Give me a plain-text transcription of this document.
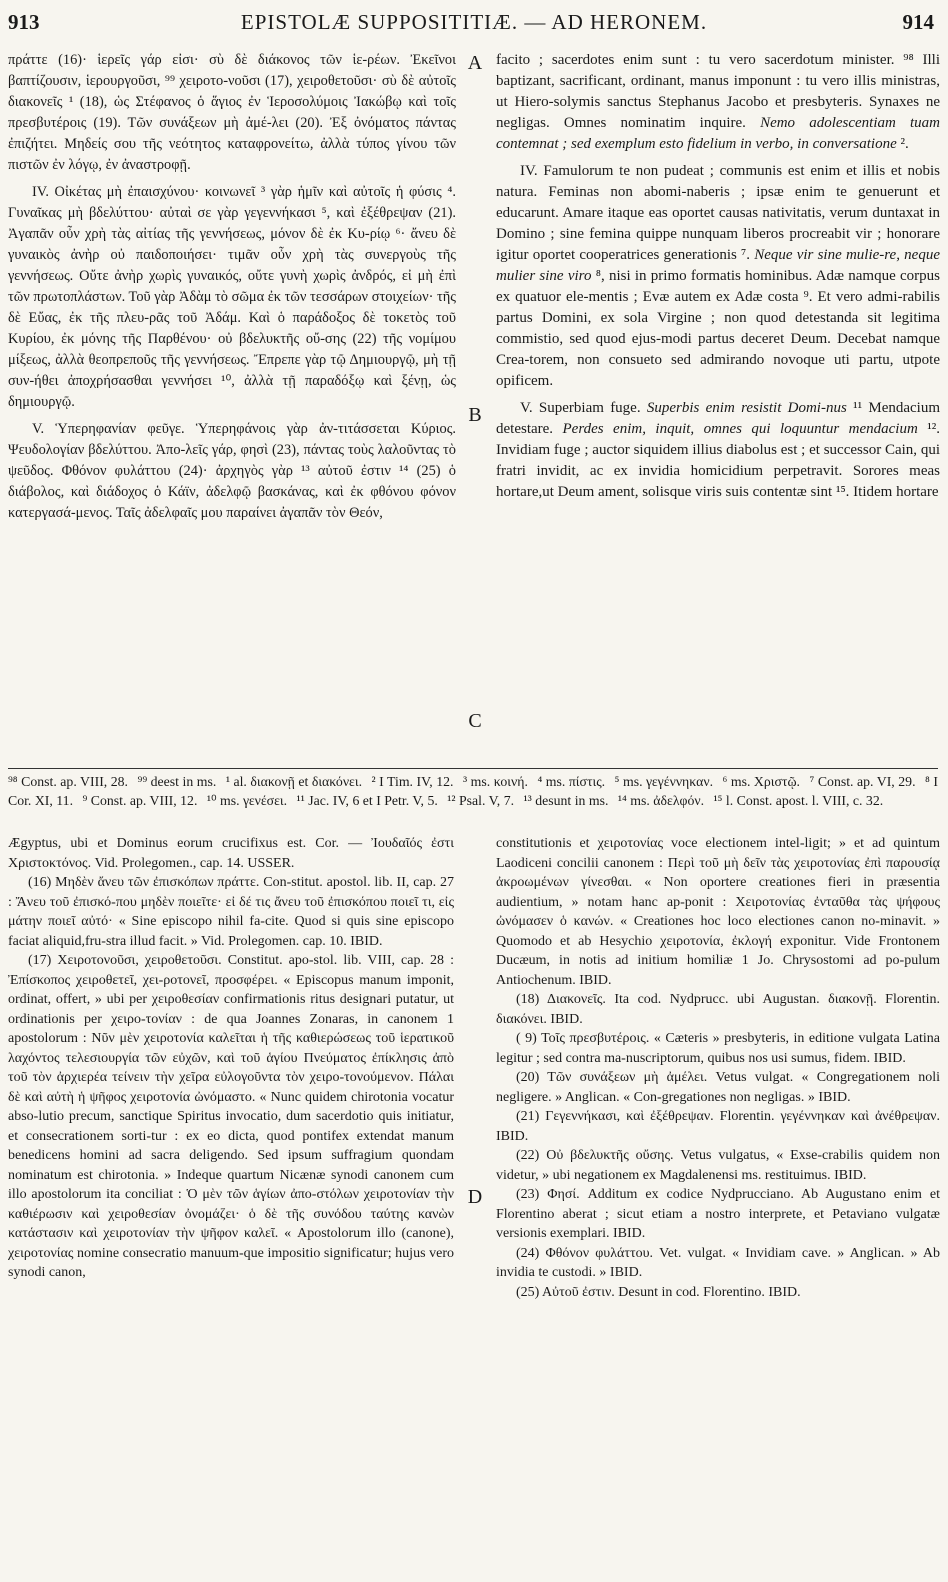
913	EPISTOLÆ SUPPOSITITIÆ. — AD HERONEM.	914

πράττε (16)· ἱερεῖς γάρ εἰσι· σὺ δὲ διάκονος τῶν ἱε-ρέων. Ἐκεῖνοι βαπτίζουσιν, ἱερουργοῦσι, ⁹⁹ χειροτο-νοῦσι (17), χειροθετοῦσι· σὺ δὲ αὐτοῖς διακονεῖς ¹ (18), ὡς Στέφανος ὁ ἅγιος ἐν Ἱεροσολύμοις Ἰακώβῳ καὶ τοῖς πρεσβυτέροις (19). Τῶν συνάξεων μὴ ἀμέ-λει (20). Ἐξ ὀνόματος πάντας ἐπιζήτει. Μηδείς σου τῆς νεότητος καταφρονείτω, ἀλλὰ τύπος γίνου τῶν πιστῶν ἐν λόγῳ, ἐν ἀναστροφῇ.

IV. Οἰκέτας μὴ ἐπαισχύνου· κοινωνεῖ ³ γὰρ ἡμῖν καὶ αὐτοῖς ἡ φύσις ⁴. Γυναῖκας μὴ βδελύττου· αὐταὶ σε γὰρ γεγεννήκασι ⁵, καὶ ἐξέθρεψαν (21). Ἀγαπᾶν οὖν χρὴ τὰς αἰτίας τῆς γεννήσεως, μόνον δὲ ἐκ Κυ-ρίῳ ⁶· ἄνευ δὲ γυναικὸς ἀνὴρ οὐ παιδοποιήσει· τιμᾶν οὖν χρὴ τὰς συνεργοὺς τῆς γεννήσεως. Οὔτε ἀνὴρ χωρὶς γυναικός, οὔτε γυνὴ χωρὶς ἀνδρός, εἰ μὴ ἐπὶ τῶν πρωτοπλάστων. Τοῦ γὰρ Ἀδὰμ τὸ σῶμα ἐκ τῶν τεσσάρων στοιχείων· τῆς δὲ Εὔας, ἐκ τῆς πλευ-ρᾶς τοῦ Ἀδάμ. Καὶ ὁ παράδοξος δὲ τοκετὸς τοῦ Κυρίου, ἐκ μόνης τῆς Παρθένου· οὐ βδελυκτῆς οὔ-σης (22) τῆς νομίμου μίξεως, ἀλλὰ θεοπρεποῦς τῆς γεννήσεως. Ἔπρεπε γὰρ τῷ Δημιουργῷ, μὴ τῇ συν-ήθει ἀποχρήσασθαι γεννήσει ¹⁰, ἀλλὰ τῇ παραδόξῳ καὶ ξένῃ, ὡς δημιουργῷ.

V. Ὑπερηφανίαν φεῦγε. Ὑπερηφάνοις γὰρ ἀν-τιτάσσεται Κύριος. Ψευδολογίαν βδελύττου. Ἀπο-λεῖς γάρ, φησὶ (23), πάντας τοὺς λαλοῦντας τὸ ψεῦδος. Φθόνον φυλάττου (24)· ἀρχηγὸς γὰρ ¹³ αὐτοῦ ἐστιν ¹⁴ (25) ὁ διάβολος, καὶ διάδοχος ὁ Κάϊν, ἀδελφῷ βασκάνας, καὶ ἐκ φθόνου φόνον κατεργασά-μενος. Ταῖς ἀδελφαῖς μου παραίνει ἀγαπᾶν τὸν Θεόν,

A
B
C
D

facito ; sacerdotes enim sunt : tu vero sacerdotum minister. ⁹⁸ Illi baptizant, sacrificant, ordinant, manus imponunt : tu vero illis ministras, ut Hiero-solymis sanctus Stephanus Jacobo et presbyteris. Synaxes ne negligas. Omnes nominatim inquire. Nemo adolescentiam tuam contemnat ; sed exemplum esto fidelium in verbo, in conversatione ².

IV. Famulorum te non pudeat ; communis est enim et illis et nobis natura. Feminas non abomi-naberis ; ipsæ enim te genuerunt et educarunt. Amare itaque eas oportet causas nativitatis, verum duntaxat in Domino ; sine femina quippe nunquam liberos procreabit vir ; honorare igitur oportet cooperatrices generationis ⁷. Neque vir sine mulie-re, neque mulier sine viro ⁸, nisi in primo formatis hominibus. Adæ namque corpus ex quatuor ele-mentis ; Evæ autem ex Adæ costa ⁹. Et vero admi-rabilis partus Domini, ex sola Virgine ; non quod detestanda sit legitima commistio, sed quod ejus-modi partus deceret Deum. Decebat namque Crea-torem, non consueto sed admirando novoque uti partu, utpote opificem.

V. Superbiam fuge. Superbis enim resistit Domi-nus ¹¹ Mendacium detestare. Perdes enim, inquit, omnes qui loquuntur mendacium ¹². Invidiam fuge ; auctor siquidem illius diabolus est ; et successor Cain, qui fratri invidit, ac ex invidia homicidium perpetravit. Sorores meas hortare,ut Deum ament, solisque viris suis contentæ sint ¹⁵. Itidem hortare

⁹⁸ Const. ap. VIII, 28. ⁹⁹ deest in ms. ¹ al. διακονῇ et διακόνει. ² I Tim. IV, 12. ³ ms. κοινή. ⁴ ms. πίστις. ⁵ ms. γεγέννηκαν. ⁶ ms. Χριστῷ. ⁷ Const. ap. VI, 29. ⁸ I Cor. XI, 11. ⁹ Const. ap. VIII, 12. ¹⁰ ms. γενέσει. ¹¹ Jac. IV, 6 et I Petr. V, 5. ¹² Psal. V, 7. ¹³ desunt in ms. ¹⁴ ms. ἀδελφόν. ¹⁵ l. Const. apost. l. VIII, c. 32.

Ægyptus, ubi et Dominus eorum crucifixus est. Cor. — Ἰουδαῖός ἐστι Χριστοκτόνος. Vid. Prolegomen., cap. 14. USSER.

(16) Μηδὲν ἄνευ τῶν ἐπισκόπων πράττε. Con-stitut. apostol. lib. II, cap. 27 : Ἄνευ τοῦ ἐπισκό-που μηδὲν ποιεῖτε· εἰ δέ τις ἄνευ τοῦ ἐπισκόπου ποιεῖ τι, εἰς μάτην ποιεῖ αὐτό· « Sine episcopo nihil fa-cite. Quod si quis sine episcopo faciat aliquid,fru-stra illud facit. » Vid. Prolegomen. cap. 10. IBID.

(17) Χειροτονοῦσι, χειροθετοῦσι. Constitut. apo-stol. lib. VIII, cap. 28 : Ἐπίσκοπος χειροθετεῖ, χει-ροτονεῖ, προσφέρει. « Episcopus manum imponit, ordinat, offert, » ubi per χειροθεσίαν confirmationis ritus designari putatur, ut ordinationis per χειρο-τονίαν : de qua Joannes Zonaras, in canonem 1 apostolorum : Νῦν μὲν χειροτονία καλεῖται ἡ τῆς καθιερώσεως τοῦ ἱερατικοῦ λαχόντος τελεσιουργία τῶν εὐχῶν, καὶ τοῦ ἁγίου Πνεύματος ἐπίκλησις ἀπὸ τοῦ τὸν ἀρχιερέα τείνειν τὴν χεῖρα εὐλογοῦντα τὸν χειρο-τονούμενον. Πάλαι δὲ καὶ αὐτὴ ἡ ψῆφος χειροτονία ὠνόμαστο. « Nunc quidem chirotonia vocatur abso-lutio precum, sanctique Spiritus invocatio, dum sacerdotio quis initiatur, et consecrationem sorti-tur : ex eo dicta, quod pontifex extendat manum benedicens homini ad sacra deligendo. Sed ipsum suffragium quondam nominatum est chirotonia. » Indeque quartum Nicænæ synodi canonem cum illo apostolorum ita conciliat : Ὁ μὲν τῶν ἁγίων ἀπο-στόλων χειροτονίαν τὴν καθιέρωσιν καὶ χειροθεσίαν ὀνομάζει· ὁ δὲ τῆς συνόδου ταύτης κανὼν κατάστασιν καὶ χειροτονίαν τὴν ψῆφον καλεῖ. « Apostolorum illo (canone), χειροτονίας nomine consecratio manuum-que impositio significatur; hujus vero synodi canon,

constitutionis et χειροτονίας voce electionem intel-ligit; » et ad quintum Laodiceni concilii canonem : Περὶ τοῦ μὴ δεῖν τὰς χειροτονίας ἐπὶ παρουσίᾳ ἀκροωμένων γίνεσθαι. « Non oportere creationes fieri in præsentia audientium, » notam hanc ap-ponit : Χειροτονίας ἐνταῦθα τὰς ψήφους ὠνόμασεν ὁ κανών. « Creationes hoc loco electiones canon no-minavit. » Quomodo et ab Hesychio χειροτονία, ἐκλογή exponitur. Vide Frontonem Ducæum, in notis ad initium homiliæ 1 Jo. Chrysostomi ad po-pulum Antiochenum. IBID.

(18) Διακονεῖς. Ita cod. Nydprucc. ubi Augustan. διακονῇ. Florentin. διακόνει. IBID.

( 9) Τοῖς πρεσβυτέροις. « Cæteris » presbyteris, in editione vulgata Latina legitur ; sed contra ma-nuscriptorum, quibus nos usi sumus, fidem. IBID.

(20) Τῶν συνάξεων μὴ ἀμέλει. Vetus vulgat. « Congregationem noli negligere. » Anglican. « Con-gregationes non negligas. » IBID.

(21) Γεγεννήκασι, καὶ ἐξέθρεψαν. Florentin. γεγέννηκαν καὶ ἀνέθρεψαν. IBID.

(22) Οὐ βδελυκτῆς οὔσης. Vetus vulgatus, « Exse-crabilis quidem non videtur, » ubi negationem ex Magdalenensi ms. restituimus. IBID.

(23) Φησί. Additum ex codice Nydprucciano. Ab Augustano enim et Florentino aberat ; sicut etiam a nostro interprete, et Petaviano vulgatæ versionis exemplari. IBID.

(24) Φθόνον φυλάττου. Vet. vulgat. « Invidiam cave. » Anglican. » Ab invidia te custodi. » IBID.

(25) Αὐτοῦ ἐστιν. Desunt in cod. Florentino. IBID.
